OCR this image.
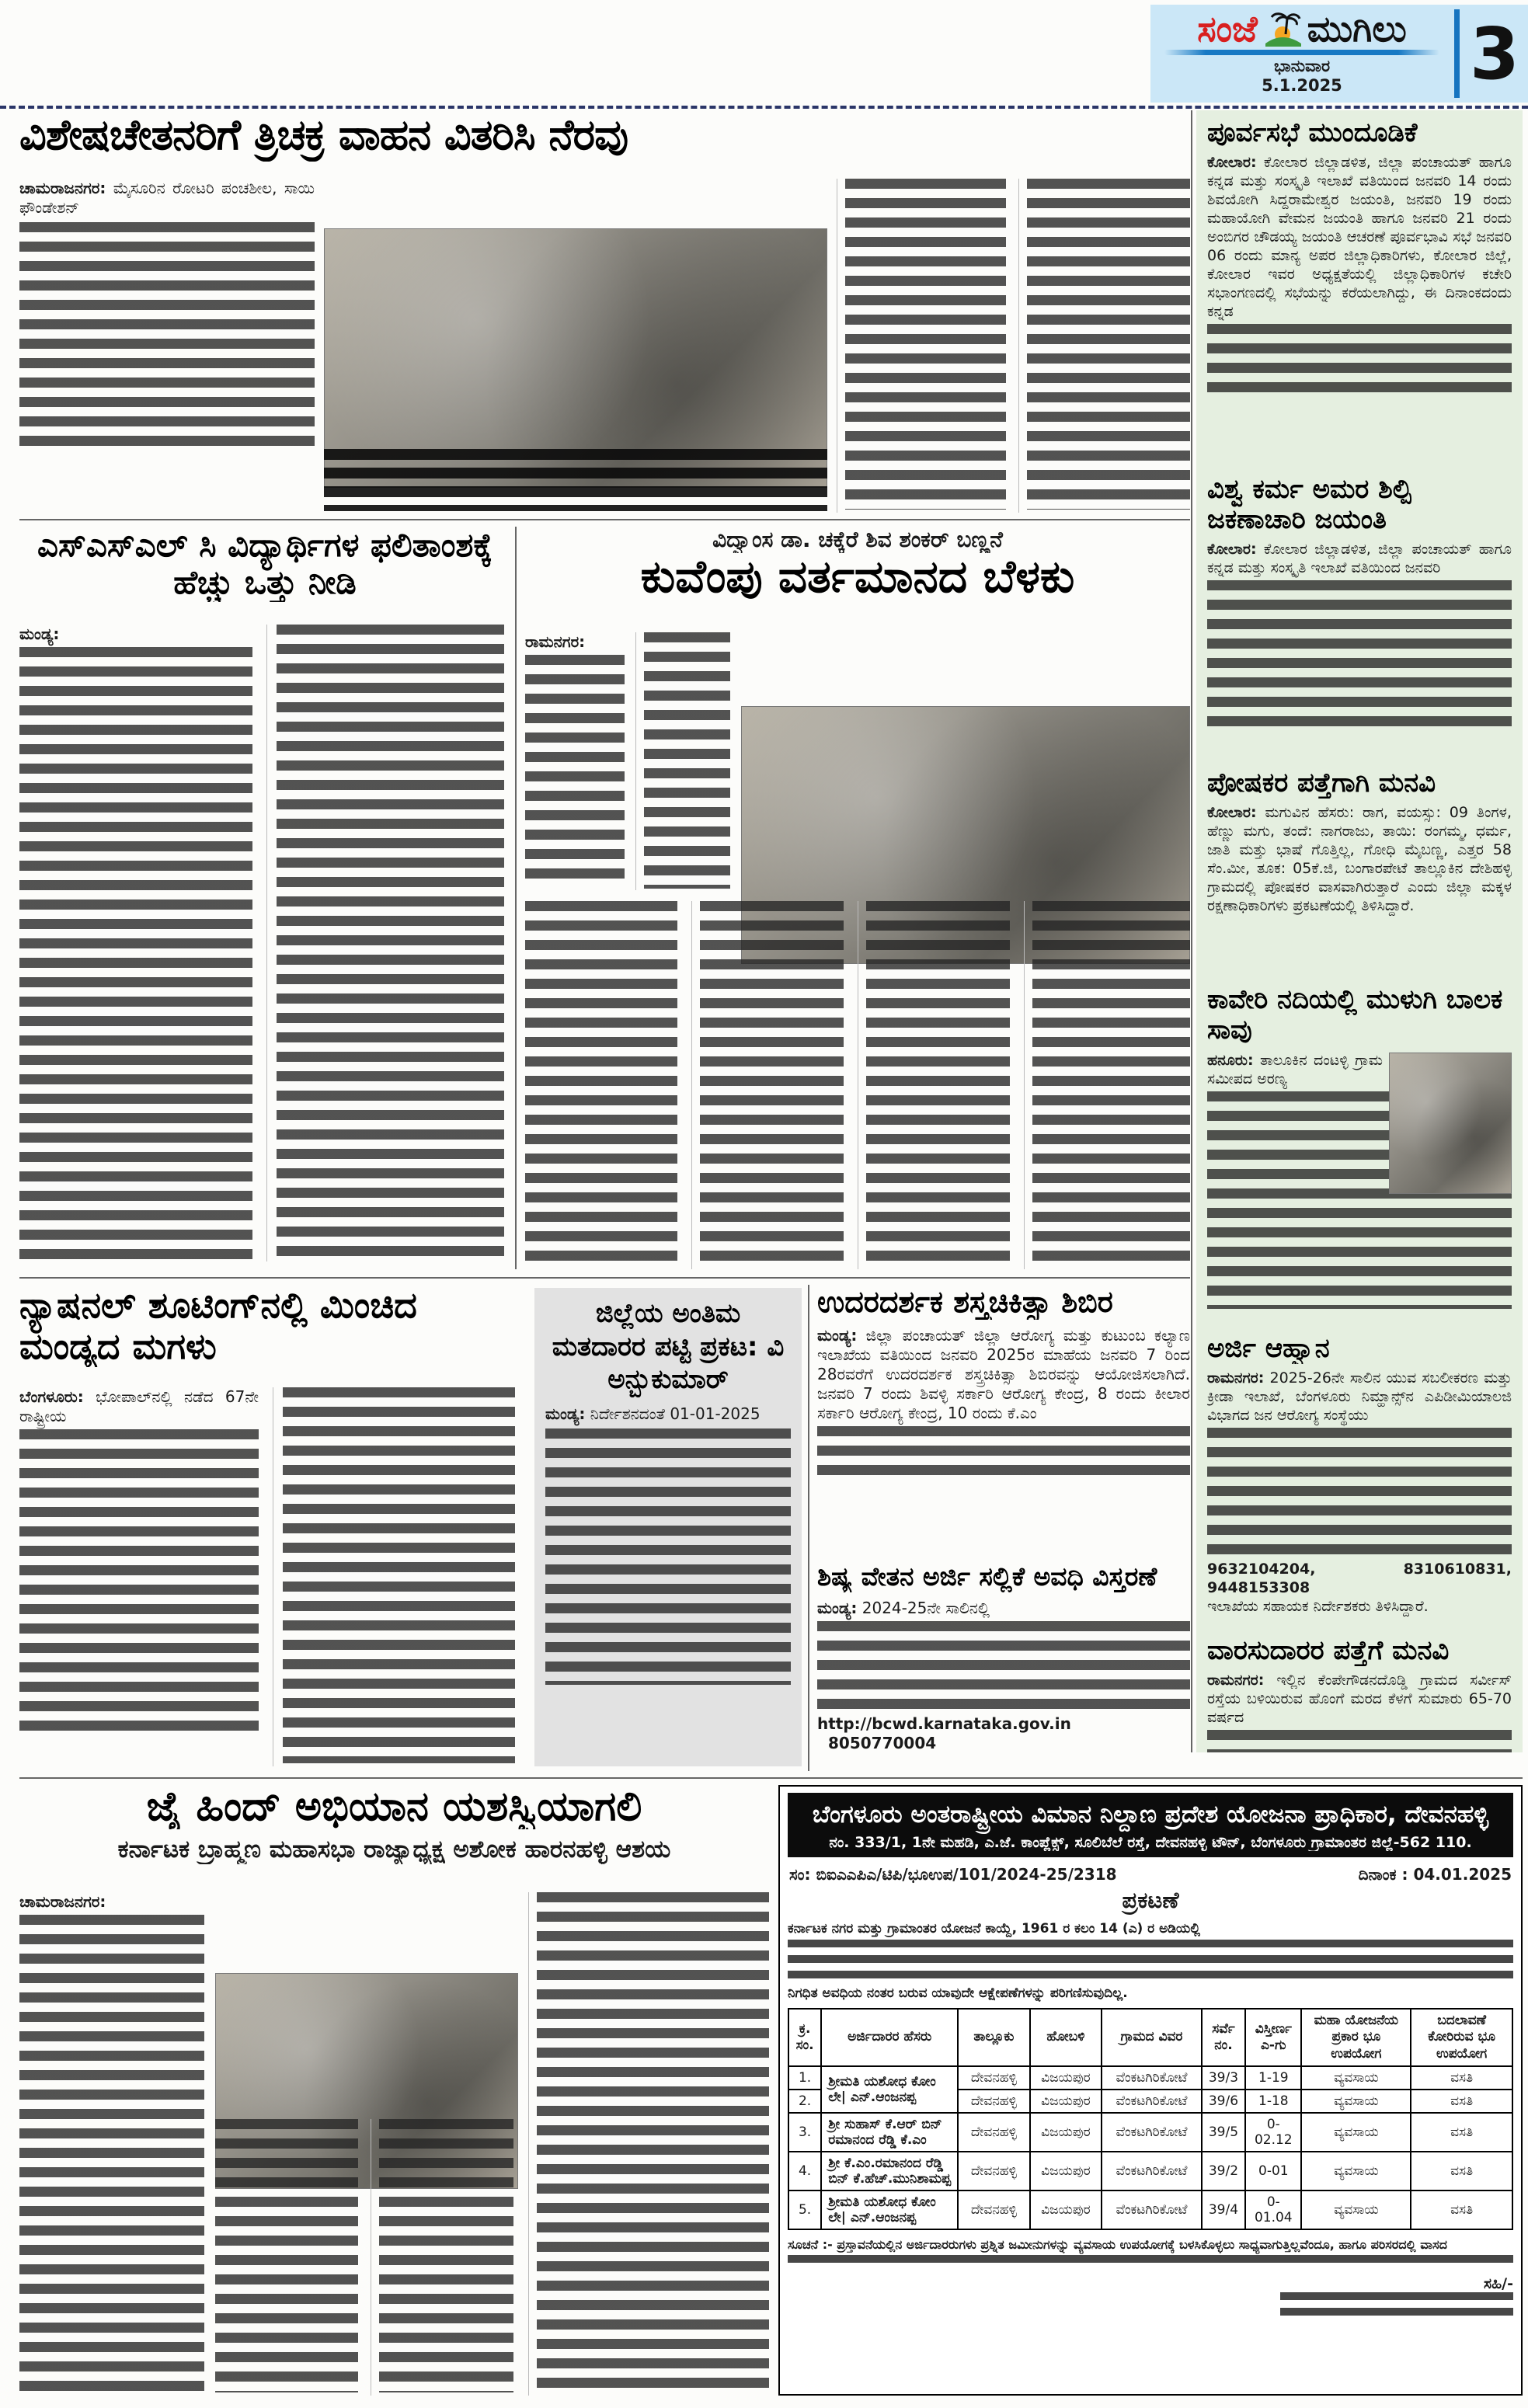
ಸಂಜೆ ಮುಗಿಲು
ಭಾನುವಾರ
5.1.2025	3
ವಿಶೇಷಚೇತನರಿಗೆ ತ್ರಿಚಕ್ರ ವಾಹನ ವಿತರಿಸಿ ನೆರವು
ಚಾಮರಾಜನಗರ: ಮೈಸೂರಿನ ರೋಟರಿ ಪಂಚಶೀಲ, ಸಾಯಿ ಫೌಂಡೇಶನ್
ಪೂರ್ವಸಭೆ ಮುಂದೂಡಿಕೆ
ಕೋಲಾರ: ಕೋಲಾರ ಜಿಲ್ಲಾಡಳಿತ, ಜಿಲ್ಲಾ ಪಂಚಾಯತ್ ಹಾಗೂ ಕನ್ನಡ ಮತ್ತು ಸಂಸ್ಕೃತಿ ಇಲಾಖೆ ವತಿಯಿಂದ ಜನವರಿ 14 ರಂದು ಶಿವಯೋಗಿ ಸಿದ್ದರಾಮೇಶ್ವರ ಜಯಂತಿ, ಜನವರಿ 19 ರಂದು ಮಹಾಯೋಗಿ ವೇಮನ ಜಯಂತಿ ಹಾಗೂ ಜನವರಿ 21 ರಂದು ಅಂಬಿಗರ ಚೌಡಯ್ಯ ಜಯಂತಿ ಆಚರಣೆ ಪೂರ್ವಭಾವಿ ಸಭೆ ಜನವರಿ 06 ರಂದು ಮಾನ್ಯ ಅಪರ ಜಿಲ್ಲಾಧಿಕಾರಿಗಳು, ಕೋಲಾರ ಜಿಲ್ಲೆ, ಕೋಲಾರ ಇವರ ಅಧ್ಯಕ್ಷತೆಯಲ್ಲಿ ಜಿಲ್ಲಾಧಿಕಾರಿಗಳ ಕಚೇರಿ ಸಭಾಂಗಣದಲ್ಲಿ ಸಭೆಯನ್ನು ಕರೆಯಲಾಗಿದ್ದು, ಈ ದಿನಾಂಕದಂದು ಕನ್ನಡ
ವಿಶ್ವ ಕರ್ಮ ಅಮರ ಶಿಲ್ಪಿ ಜಕಣಾಚಾರಿ ಜಯಂತಿ
ಕೋಲಾರ: ಕೋಲಾರ ಜಿಲ್ಲಾಡಳಿತ, ಜಿಲ್ಲಾ ಪಂಚಾಯತ್ ಹಾಗೂ ಕನ್ನಡ ಮತ್ತು ಸಂಸ್ಕೃತಿ ಇಲಾಖೆ ವತಿಯಿಂದ ಜನವರಿ
ಪೋಷಕರ ಪತ್ತೆಗಾಗಿ ಮನವಿ
ಕೋಲಾರ: ಮಗುವಿನ ಹೆಸರು: ರಾಗ, ವಯಸ್ಸು: 09 ತಿಂಗಳ, ಹೆಣ್ಣು ಮಗು, ತಂದೆ: ನಾಗರಾಜು, ತಾಯಿ: ರಂಗಮ್ಮ, ಧರ್ಮ, ಜಾತಿ ಮತ್ತು ಭಾಷೆ ಗೊತ್ತಿಲ್ಲ, ಗೋಧಿ ಮೈಬಣ್ಣ, ಎತ್ತರ 58 ಸೆಂ.ಮೀ, ತೂಕ: 05ಕೆ.ಜಿ, ಬಂಗಾರಪೇಟೆ ತಾಲ್ಲೂಕಿನ ದೇಶಿಹಳ್ಳಿ ಗ್ರಾಮದಲ್ಲಿ ಪೋಷಕರ ವಾಸವಾಗಿರುತ್ತಾರೆ ಎಂದು ಜಿಲ್ಲಾ ಮಕ್ಕಳ ರಕ್ಷಣಾಧಿಕಾರಿಗಳು ಪ್ರಕಟಣೆಯಲ್ಲಿ ತಿಳಿಸಿದ್ದಾರೆ.
ಕಾವೇರಿ ನದಿಯಲ್ಲಿ ಮುಳುಗಿ ಬಾಲಕ ಸಾವು
ಹನೂರು: ತಾಲೂಕಿನ ದಂಟಳ್ಳಿ ಗ್ರಾಮ ಸಮೀಪದ ಅರಣ್ಯ
ಅರ್ಜಿ ಆಹ್ವಾನ
ರಾಮನಗರ: 2025-26ನೇ ಸಾಲಿನ ಯುವ ಸಬಲೀಕರಣ ಮತ್ತು ಕ್ರೀಡಾ ಇಲಾಖೆ, ಬೆಂಗಳೂರು ನಿಮ್ಹಾನ್ಸ್‌ನ ಎಪಿಡೀಮಿಯಾಲಜಿ ವಿಭಾಗದ ಜನ ಆರೋಗ್ಯ ಸಂಸ್ಥೆಯು
9632104204, 8310610831, 9448153308
ಇಲಾಖೆಯ ಸಹಾಯಕ ನಿರ್ದೇಶಕರು ತಿಳಿಸಿದ್ದಾರೆ.
ವಾರಸುದಾರರ ಪತ್ತೆಗೆ ಮನವಿ
ರಾಮನಗರ: ಇಲ್ಲಿನ ಕೆಂಪೇಗೌಡನದೊಡ್ಡಿ ಗ್ರಾಮದ ಸರ್ವೀಸ್ ರಸ್ತೆಯ ಬಳಿಯಿರುವ ಹೊಂಗೆ ಮರದ ಕೆಳಗೆ ಸುಮಾರು 65-70 ವರ್ಷದ
ಎಸ್ಎಸ್ಎಲ್ ಸಿ ವಿದ್ಯಾರ್ಥಿಗಳ ಫಲಿತಾಂಶಕ್ಕೆ ಹೆಚ್ಚು ಒತ್ತು ನೀಡಿ
ಮಂಡ್ಯ:
ವಿದ್ವಾಂಸ ಡಾ. ಚಕ್ಕೆರೆ ಶಿವ ಶಂಕರ್ ಬಣ್ಣನೆ
ಕುವೆಂಪು ವರ್ತಮಾನದ ಬೆಳಕು
ರಾಮನಗರ:
ನ್ಯಾಷನಲ್ ಶೂಟಿಂಗ್‌ನಲ್ಲಿ ಮಿಂಚಿದ ಮಂಡ್ಯದ ಮಗಳು
ಬೆಂಗಳೂರು: ಭೋಪಾಲ್‌ನಲ್ಲಿ ನಡೆದ 67ನೇ ರಾಷ್ಟ್ರೀಯ
ಜಿಲ್ಲೆಯ ಅಂತಿಮ ಮತದಾರರ ಪಟ್ಟಿ ಪ್ರಕಟ: ವಿ ಅನ್ಬುಕುಮಾರ್
ಮಂಡ್ಯ: ನಿರ್ದೇಶನದಂತೆ 01-01-2025
ಉದರದರ್ಶಕ ಶಸ್ತ್ರಚಿಕಿತ್ಸಾ ಶಿಬಿರ
ಮಂಡ್ಯ: ಜಿಲ್ಲಾ ಪಂಚಾಯತ್ ಜಿಲ್ಲಾ ಆರೋಗ್ಯ ಮತ್ತು ಕುಟುಂಬ ಕಲ್ಯಾಣ ಇಲಾಖೆಯ ವತಿಯಿಂದ ಜನವರಿ 2025ರ ಮಾಹೆಯ ಜನವರಿ 7 ರಿಂದ 28ರವರೆಗೆ ಉದರದರ್ಶಕ ಶಸ್ತ್ರಚಿಕಿತ್ಸಾ ಶಿಬಿರವನ್ನು ಆಯೋಜಿಸಲಾಗಿದೆ. ಜನವರಿ 7 ರಂದು ಶಿವಳ್ಳಿ ಸರ್ಕಾರಿ ಆರೋಗ್ಯ ಕೇಂದ್ರ, 8 ರಂದು ಕೀಲಾರ ಸರ್ಕಾರಿ ಆರೋಗ್ಯ ಕೇಂದ್ರ, 10 ರಂದು ಕೆ.ಎಂ
ಶಿಷ್ಯ ವೇತನ ಅರ್ಜಿ ಸಲ್ಲಿಕೆ ಅವಧಿ ವಿಸ್ತರಣೆ
ಮಂಡ್ಯ: 2024-25ನೇ ಸಾಲಿನಲ್ಲಿ
http://bcwd.karnataka.gov.in 8050770004
ಜೈ ಹಿಂದ್ ಅಭಿಯಾನ ಯಶಸ್ವಿಯಾಗಲಿ
ಕರ್ನಾಟಕ ಬ್ರಾಹ್ಮಣ ಮಹಾಸಭಾ ರಾಜ್ಯಾಧ್ಯಕ್ಷ ಅಶೋಕ ಹಾರನಹಳ್ಳಿ ಆಶಯ
ಚಾಮರಾಜನಗರ:
ಬೆಂಗಳೂರು ಅಂತರಾಷ್ಟ್ರೀಯ ವಿಮಾನ ನಿಲ್ದಾಣ ಪ್ರದೇಶ ಯೋಜನಾ ಪ್ರಾಧಿಕಾರ, ದೇವನಹಳ್ಳಿ
ನಂ. 333/1, 1ನೇ ಮಹಡಿ, ಎ.ಜೆ. ಕಾಂಪ್ಲೆಕ್ಸ್, ಸೂಲಿಬೆಲೆ ರಸ್ತೆ, ದೇವನಹಳ್ಳಿ ಟೌನ್, ಬೆಂಗಳೂರು ಗ್ರಾಮಾಂತರ ಜಿಲ್ಲೆ-562 110.
ಸಂ: ಬಿಐಎಎಪಿಎ/ಟಿಪಿ/ಭೂಉಪ/101/2024-25/2318	ದಿನಾಂಕ : 04.01.2025
ಪ್ರಕಟಣೆ
ಕರ್ನಾಟಕ ನಗರ ಮತ್ತು ಗ್ರಾಮಾಂತರ ಯೋಜನೆ ಕಾಯ್ದೆ, 1961 ರ ಕಲಂ 14 (ಎ) ರ ಅಡಿಯಲ್ಲಿ
ನಿಗಧಿತ ಅವಧಿಯ ನಂತರ ಬರುವ ಯಾವುದೇ ಆಕ್ಷೇಪಣೆಗಳನ್ನು ಪರಿಗಣಿಸುವುದಿಲ್ಲ.
ಕ್ರ. ಸಂ.	ಅರ್ಜಿದಾರರ ಹೆಸರು	ತಾಲ್ಲೂಕು	ಹೋಬಳಿ	ಗ್ರಾಮದ ವಿವರ	ಸರ್ವೆ ನಂ.	ವಿಸ್ತೀರ್ಣ ಎ-ಗು	ಮಹಾ ಯೋಜನೆಯ ಪ್ರಕಾರ ಭೂ ಉಪಯೋಗ	ಬದಲಾವಣೆ ಕೋರಿರುವ ಭೂ ಉಪಯೋಗ
1.	ಶ್ರೀಮತಿ ಯಶೋಧ ಕೋಂ ಲೇ| ಎನ್.ಆಂಜನಪ್ಪ	ದೇವನಹಳ್ಳಿ	ವಿಜಯಪುರ	ವೆಂಕಟಗಿರಿಕೋಟೆ	39/3	1-19	ವ್ಯವಸಾಯ	ವಸತಿ
2.		ದೇವನಹಳ್ಳಿ	ವಿಜಯಪುರ	ವೆಂಕಟಗಿರಿಕೋಟೆ	39/6	1-18	ವ್ಯವಸಾಯ	ವಸತಿ
3.	ಶ್ರೀ ಸುಹಾಸ್ ಕೆ.ಆರ್ ಬಿನ್ ರಮಾನಂದ ರೆಡ್ಡಿ ಕೆ.ಎಂ	ದೇವನಹಳ್ಳಿ	ವಿಜಯಪುರ	ವೆಂಕಟಗಿರಿಕೋಟೆ	39/5	0-02.12	ವ್ಯವಸಾಯ	ವಸತಿ
4.	ಶ್ರೀ ಕೆ.ಎಂ.ರಮಾನಂದ ರೆಡ್ಡಿ ಬಿನ್ ಕೆ.ಹೆಚ್.ಮುನಿಶಾಮಪ್ಪ	ದೇವನಹಳ್ಳಿ	ವಿಜಯಪುರ	ವೆಂಕಟಗಿರಿಕೋಟೆ	39/2	0-01	ವ್ಯವಸಾಯ	ವಸತಿ
5.	ಶ್ರೀಮತಿ ಯಶೋಧ ಕೋಂ ಲೇ| ಎನ್.ಆಂಜನಪ್ಪ	ದೇವನಹಳ್ಳಿ	ವಿಜಯಪುರ	ವೆಂಕಟಗಿರಿಕೋಟೆ	39/4	0-01.04	ವ್ಯವಸಾಯ	ವಸತಿ
ಸೂಚನೆ :- ಪ್ರಸ್ತಾವನೆಯಲ್ಲಿನ ಅರ್ಜಿದಾರರುಗಳು ಪ್ರಶ್ನಿತ ಜಮೀನುಗಳನ್ನು ವ್ಯವಸಾಯ ಉಪಯೋಗಕ್ಕೆ ಬಳಸಿಕೊಳ್ಳಲು ಸಾಧ್ಯವಾಗುತ್ತಿಲ್ಲವೆಂದೂ, ಹಾಗೂ ಪರಿಸರದಲ್ಲಿ ವಾಸದ
ಸಹಿ/-
